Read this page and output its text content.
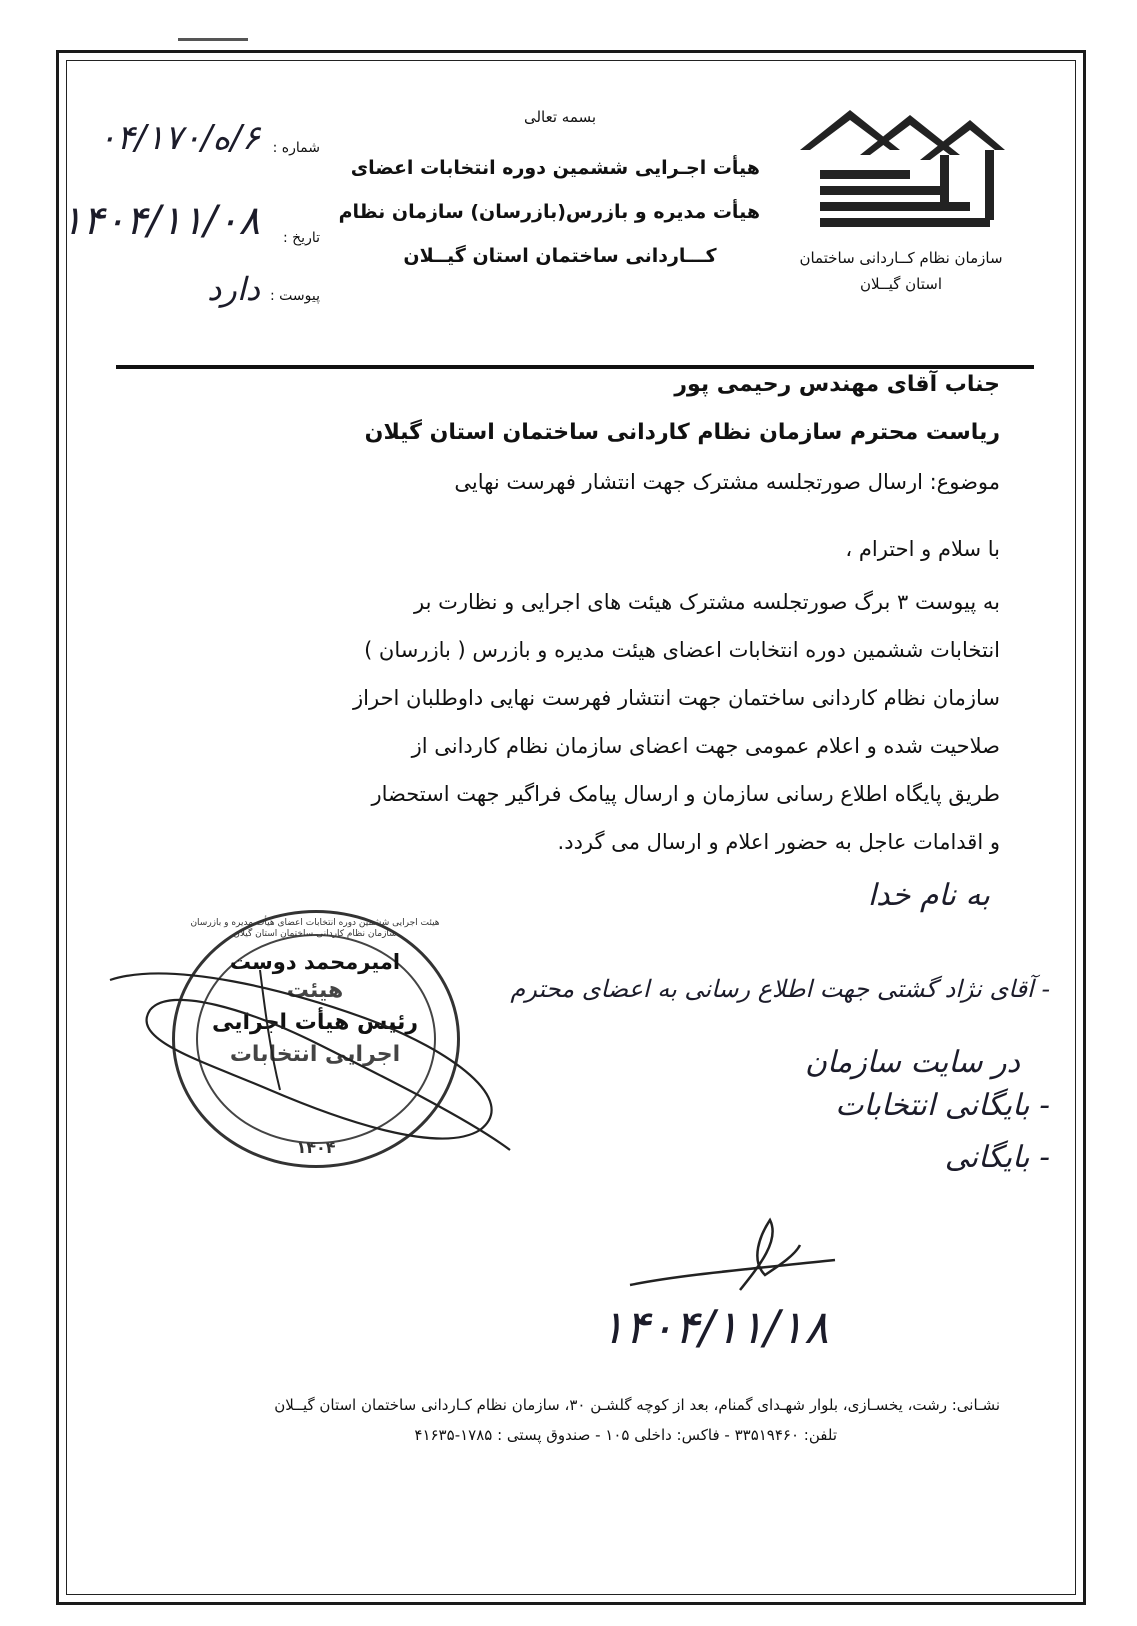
سازمان نظام کــاردانی ساختمان
استان گیــلان
بسمه تعالی
هیأت اجـرایی ششمین دوره انتخابات اعضای
هیأت مدیره و بازرس(بازرسان) سازمان نظام
کـــاردانی ساختمان استان گیــلان
شماره :
۶/ه/۰۴/۱۷۰
تاریخ :
۱۴۰۴/۱۱/۰۸
پیوست :
دارد
جناب آقای مهندس رحیمی پور
ریاست محترم سازمان نظام کاردانی ساختمان استان گیلان
موضوع: ارسال صورتجلسه مشترک جهت انتشار فهرست نهایی
با سلام و احترام ،
به پیوست ۳ برگ صورتجلسه مشترک هیئت های اجرایی و نظارت بر
انتخابات ششمین دوره انتخابات اعضای هیئت مدیره و بازرس ( بازرسان )
سازمان نظام کاردانی ساختمان جهت انتشار فهرست نهایی داوطلبان احراز
صلاحیت شده و اعلام عمومی جهت اعضای سازمان نظام کاردانی از
طریق پایگاه اطلاع رسانی سازمان و ارسال پیامک فراگیر جهت استحضار
و اقدامات عاجل به حضور اعلام و ارسال می گردد.
هیئت اجرایی ششمین دوره انتخابات اعضای هیأت مدیره و بازرسان سازمان نظام کاردانی ساختمان استان گیلان
۱۴۰۴
امیرمحمد دوست
رئیس هیأت اجرایی
هیئت
اجرایی انتخابات
به نام خدا
- آقای نژاد گشتی جهت اطلاع رسانی به اعضای محترم
در سایت سازمان
- بایگانی انتخابات
- بایگانی
۱۴۰۴/۱۱/۱۸
نشـانی: رشت، یخسـازی، بلوار شهـدای گمنام، بعد از کوچه گلشـن ۳۰، سازمان نظام کـاردانی ساختمان استان گیــلان
تلفن: ۳۳۵۱۹۴۶۰ - فاکس: داخلی ۱۰۵ - صندوق پستی : ۱۷۸۵-۴۱۶۳۵
